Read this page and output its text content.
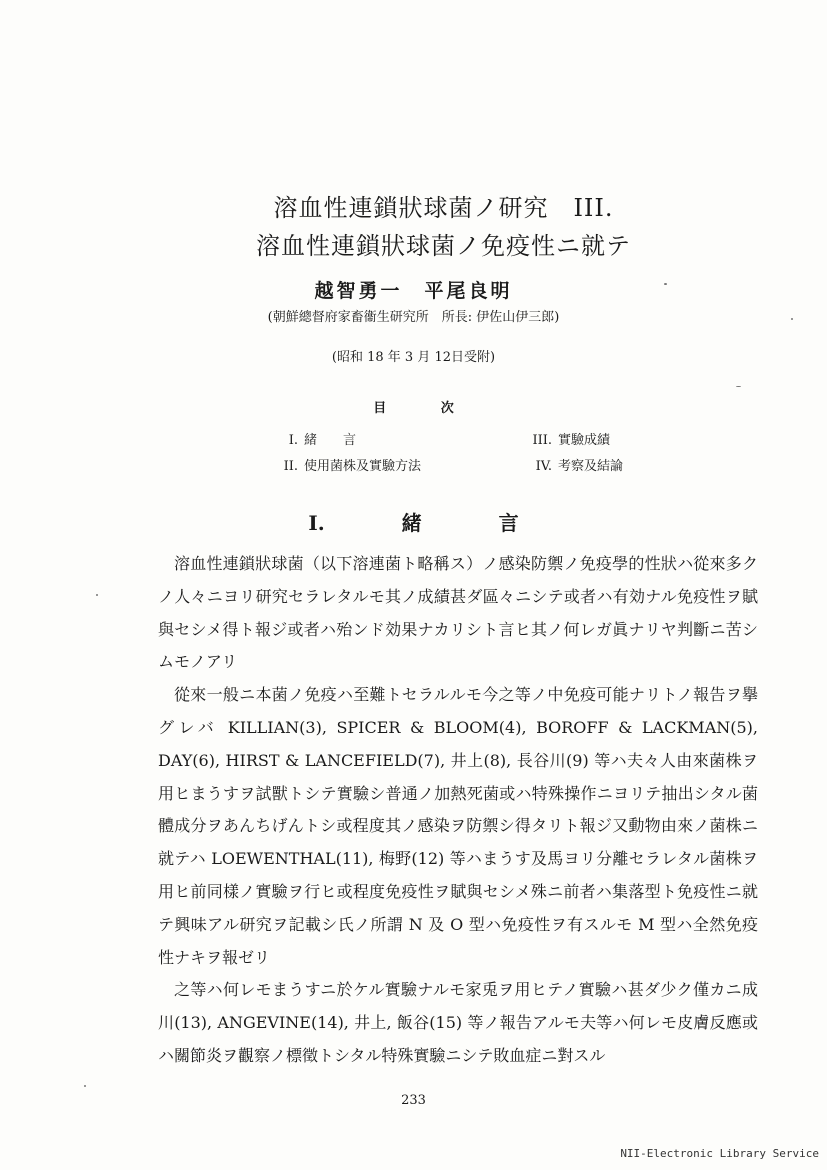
溶血性連鎖狀球菌ノ研究　III.
溶血性連鎖狀球菌ノ免疫性ニ就テ
越智勇一　平尾良明
(朝鮮總督府家畜衞生研究所　所長: 伊佐山伊三郎)
(昭和 18 年 3 月 12日受附)
目 次
I. 緒　　言
II. 使用菌株及實驗方法
III. 實驗成績
IV. 考察及結論
I. 緒 言

溶血性連鎖狀球菌（以下溶連菌ト略稱ス）ノ感染防禦ノ免疫學的性狀ハ從來多クノ人々ニヨリ研究セラレタルモ其ノ成績甚ダ區々ニシテ或者ハ有効ナル免疫性ヲ賦與セシメ得ト報ジ或者ハ殆ンド効果ナカリシト言ヒ其ノ何レガ眞ナリヤ判斷ニ苦シムモノアリ

從來一般ニ本菌ノ免疫ハ至難トセラルルモ今之等ノ中免疫可能ナリトノ報告ヲ擧グレバ KILLIAN(3), SPICER & BLOOM(4), BOROFF & LACKMAN(5), DAY(6), HIRST & LANCEFIELD(7), 井上(8), 長谷川(9) 等ハ夫々人由來菌株ヲ用ヒまうすヲ試獸トシテ實驗シ普通ノ加熱死菌或ハ特殊操作ニヨリテ抽出シタル菌體成分ヲあんちげんトシ或程度其ノ感染ヲ防禦シ得タリト報ジ又動物由來ノ菌株ニ就テハ LOEWENTHAL(11), 梅野(12) 等ハまうす及馬ヨリ分離セラレタル菌株ヲ用ヒ前同樣ノ實驗ヲ行ヒ或程度免疫性ヲ賦與セシメ殊ニ前者ハ集落型ト免疫性ニ就テ興味アル研究ヲ記載シ氏ノ所謂 N 及 O 型ハ免疫性ヲ有スルモ M 型ハ全然免疫性ナキヲ報ゼリ

之等ハ何レモまうすニ於ケル實驗ナルモ家兎ヲ用ヒテノ實驗ハ甚ダ少ク僅カニ成川(13), ANGEVINE(14), 井上, 飯谷(15) 等ノ報告アルモ夫等ハ何レモ皮膚反應或ハ關節炎ヲ觀察ノ標徵トシタル特殊實驗ニシテ敗血症ニ對スル

233
NII-Electronic Library Service
